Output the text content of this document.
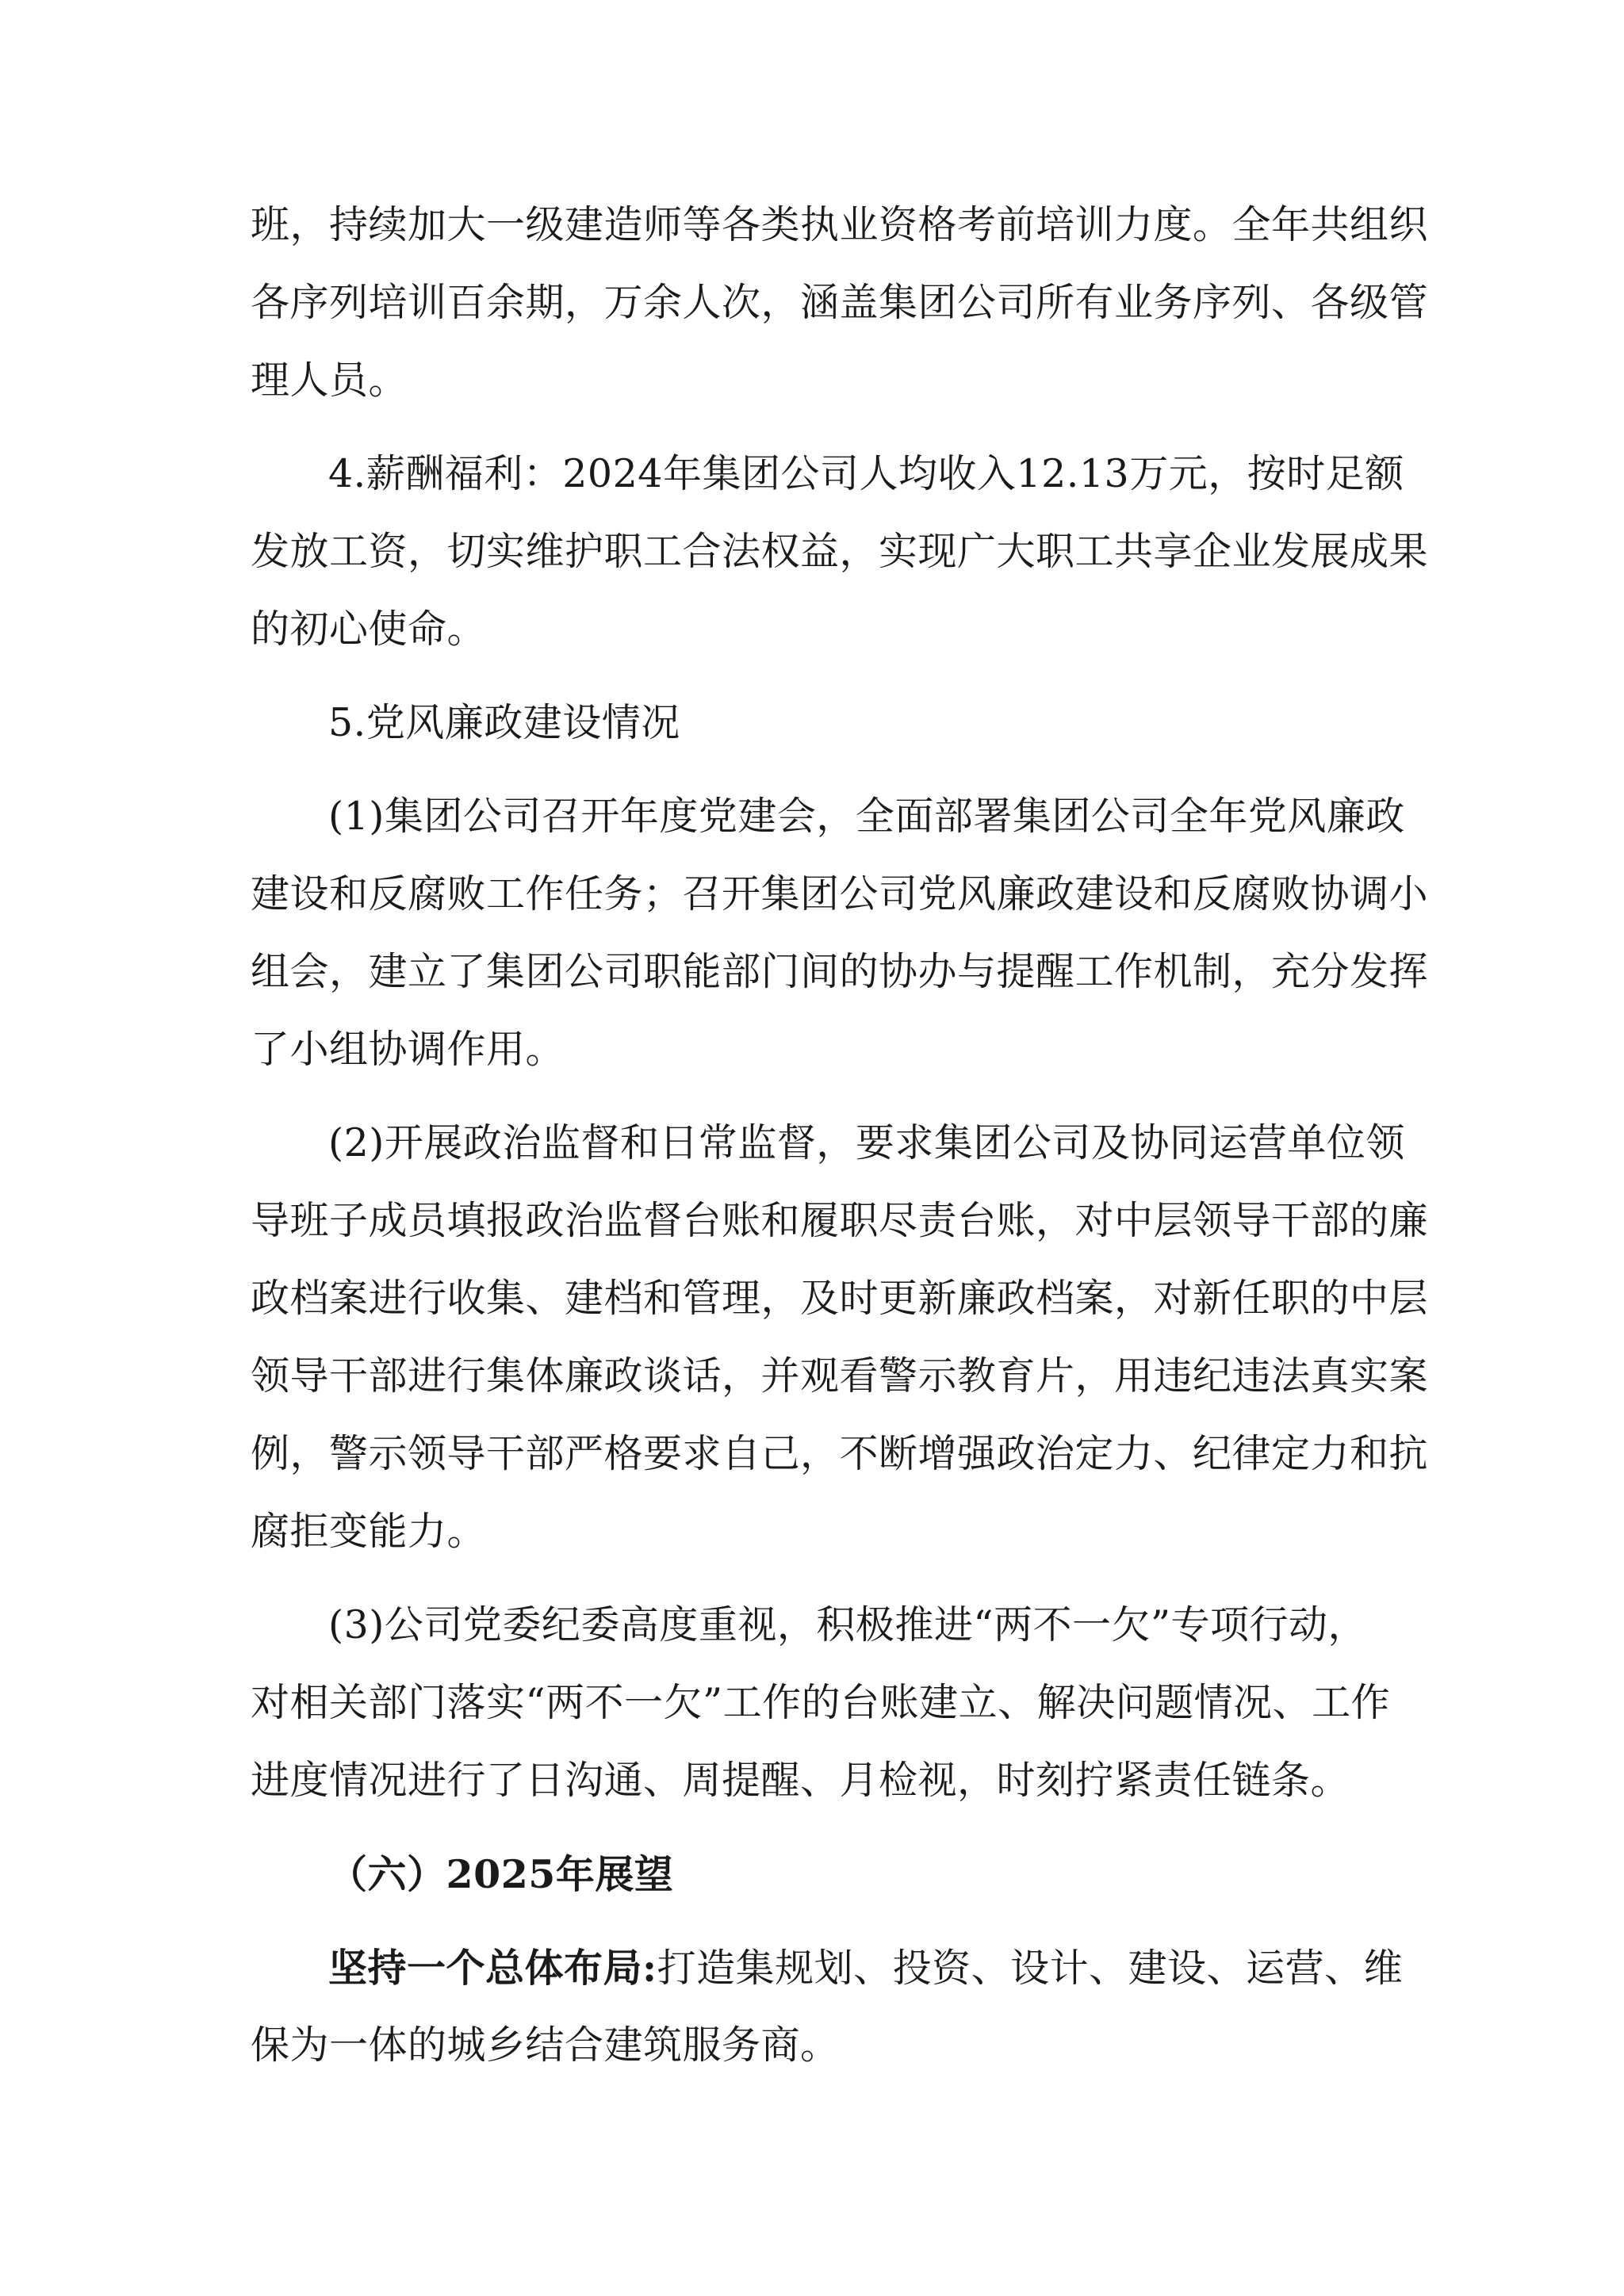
班，持续加大一级建造师等各类执业资格考前培训力度。全年共组织
各序列培训百余期，万余人次，涵盖集团公司所有业务序列、各级管
理人员。
4.薪酬福利：2024年集团公司人均收入12.13万元，按时足额
发放工资，切实维护职工合法权益，实现广大职工共享企业发展成果
的初心使命。
5.党风廉政建设情况
(1)集团公司召开年度党建会，全面部署集团公司全年党风廉政
建设和反腐败工作任务；召开集团公司党风廉政建设和反腐败协调小
组会，建立了集团公司职能部门间的协办与提醒工作机制，充分发挥
了小组协调作用。
(2)开展政治监督和日常监督，要求集团公司及协同运营单位领
导班子成员填报政治监督台账和履职尽责台账，对中层领导干部的廉
政档案进行收集、建档和管理，及时更新廉政档案，对新任职的中层
领导干部进行集体廉政谈话，并观看警示教育片，用违纪违法真实案
例，警示领导干部严格要求自己，不断增强政治定力、纪律定力和抗
腐拒变能力。
(3)公司党委纪委高度重视，积极推进“两不一欠”专项行动，
对相关部门落实“两不一欠”工作的台账建立、解决问题情况、工作
进度情况进行了日沟通、周提醒、月检视，时刻拧紧责任链条。
（六）2025年展望
坚持一个总体布局:打造集规划、投资、设计、建设、运营、维
保为一体的城乡结合建筑服务商。
